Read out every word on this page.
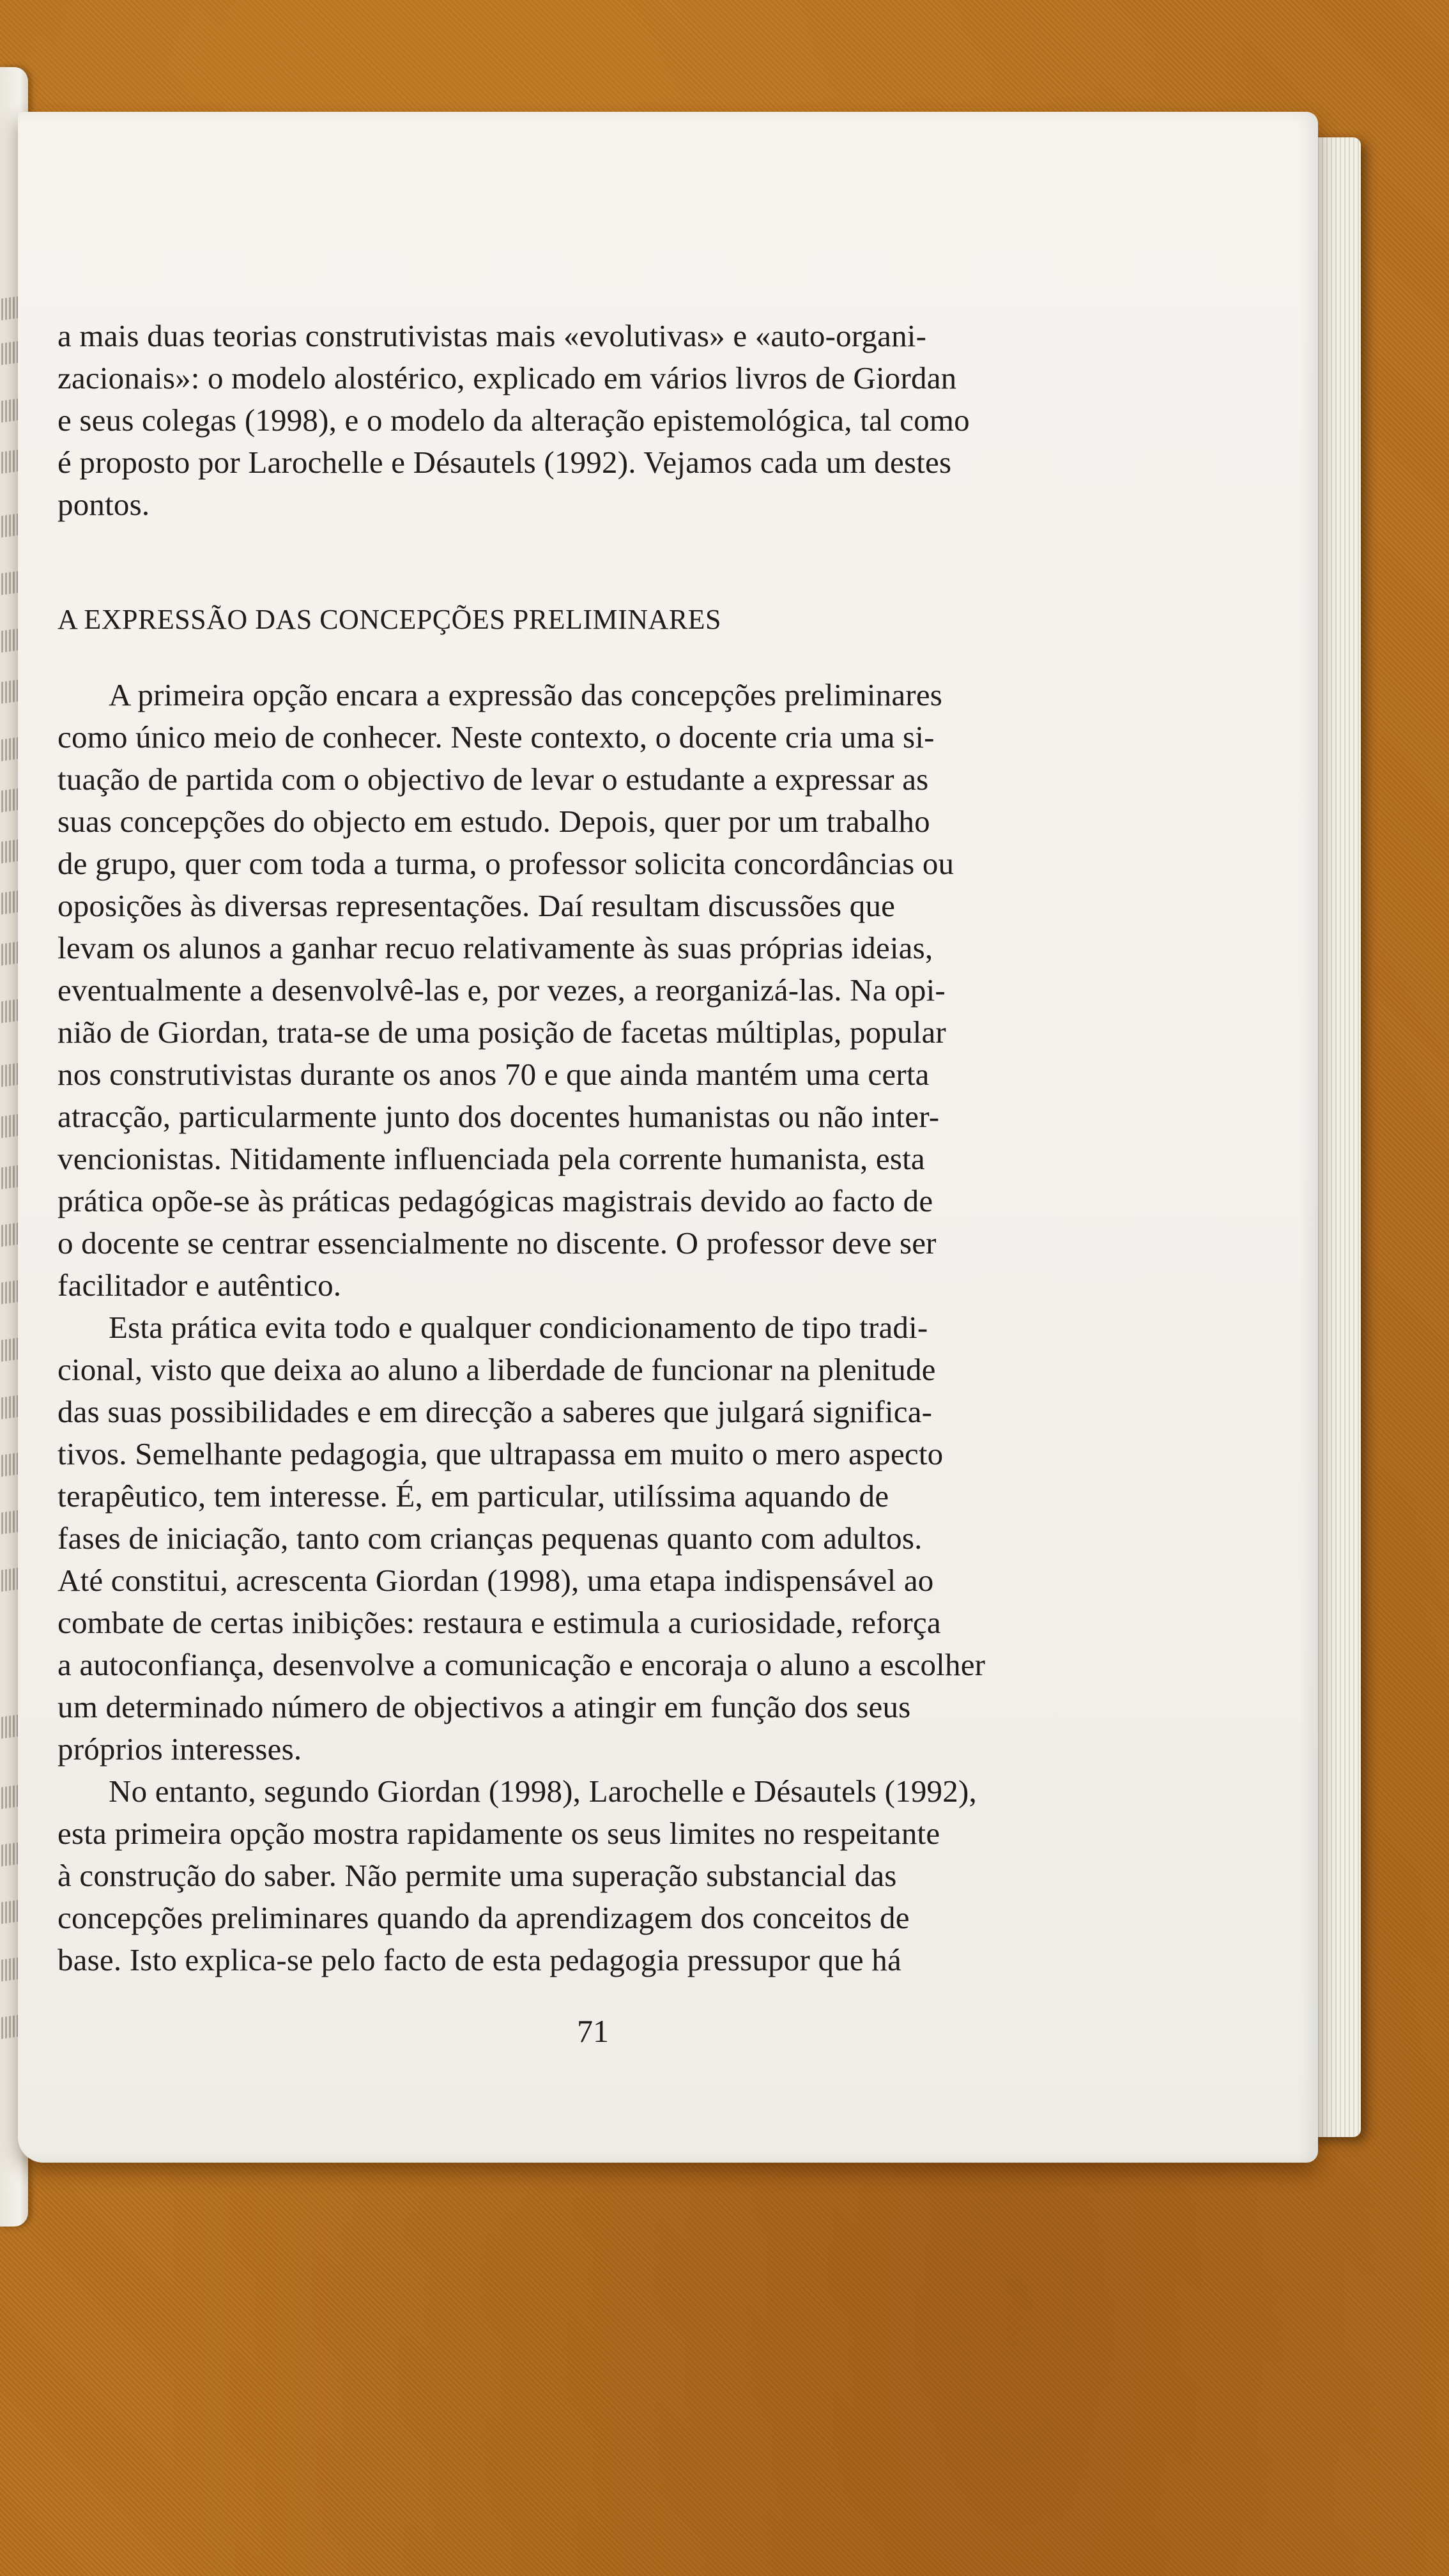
a mais duas teorias construtivistas mais «evolutivas» e «auto-organi-
zacionais»: o modelo alostérico, explicado em vários livros de Giordan
e seus colegas (1998), e o modelo da alteração epistemológica, tal como
é proposto por Larochelle e Désautels (1992). Vejamos cada um destes
pontos.
A EXPRESSÃO DAS CONCEPÇÕES PRELIMINARES
A primeira opção encara a expressão das concepções preliminares
como único meio de conhecer. Neste contexto, o docente cria uma si-
tuação de partida com o objectivo de levar o estudante a expressar as
suas concepções do objecto em estudo. Depois, quer por um trabalho
de grupo, quer com toda a turma, o professor solicita concordâncias ou
oposições às diversas representações. Daí resultam discussões que
levam os alunos a ganhar recuo relativamente às suas próprias ideias,
eventualmente a desenvolvê-las e, por vezes, a reorganizá-las. Na opi-
nião de Giordan, trata-se de uma posição de facetas múltiplas, popular
nos construtivistas durante os anos 70 e que ainda mantém uma certa
atracção, particularmente junto dos docentes humanistas ou não inter-
vencionistas. Nitidamente influenciada pela corrente humanista, esta
prática opõe-se às práticas pedagógicas magistrais devido ao facto de
o docente se centrar essencialmente no discente. O professor deve ser
facilitador e autêntico.
Esta prática evita todo e qualquer condicionamento de tipo tradi-
cional, visto que deixa ao aluno a liberdade de funcionar na plenitude
das suas possibilidades e em direcção a saberes que julgará significa-
tivos. Semelhante pedagogia, que ultrapassa em muito o mero aspecto
terapêutico, tem interesse. É, em particular, utilíssima aquando de
fases de iniciação, tanto com crianças pequenas quanto com adultos.
Até constitui, acrescenta Giordan (1998), uma etapa indispensável ao
combate de certas inibições: restaura e estimula a curiosidade, reforça
a autoconfiança, desenvolve a comunicação e encoraja o aluno a escolher
um determinado número de objectivos a atingir em função dos seus
próprios interesses.
No entanto, segundo Giordan (1998), Larochelle e Désautels (1992),
esta primeira opção mostra rapidamente os seus limites no respeitante
à construção do saber. Não permite uma superação substancial das
concepções preliminares quando da aprendizagem dos conceitos de
base. Isto explica-se pelo facto de esta pedagogia pressupor que há
71
